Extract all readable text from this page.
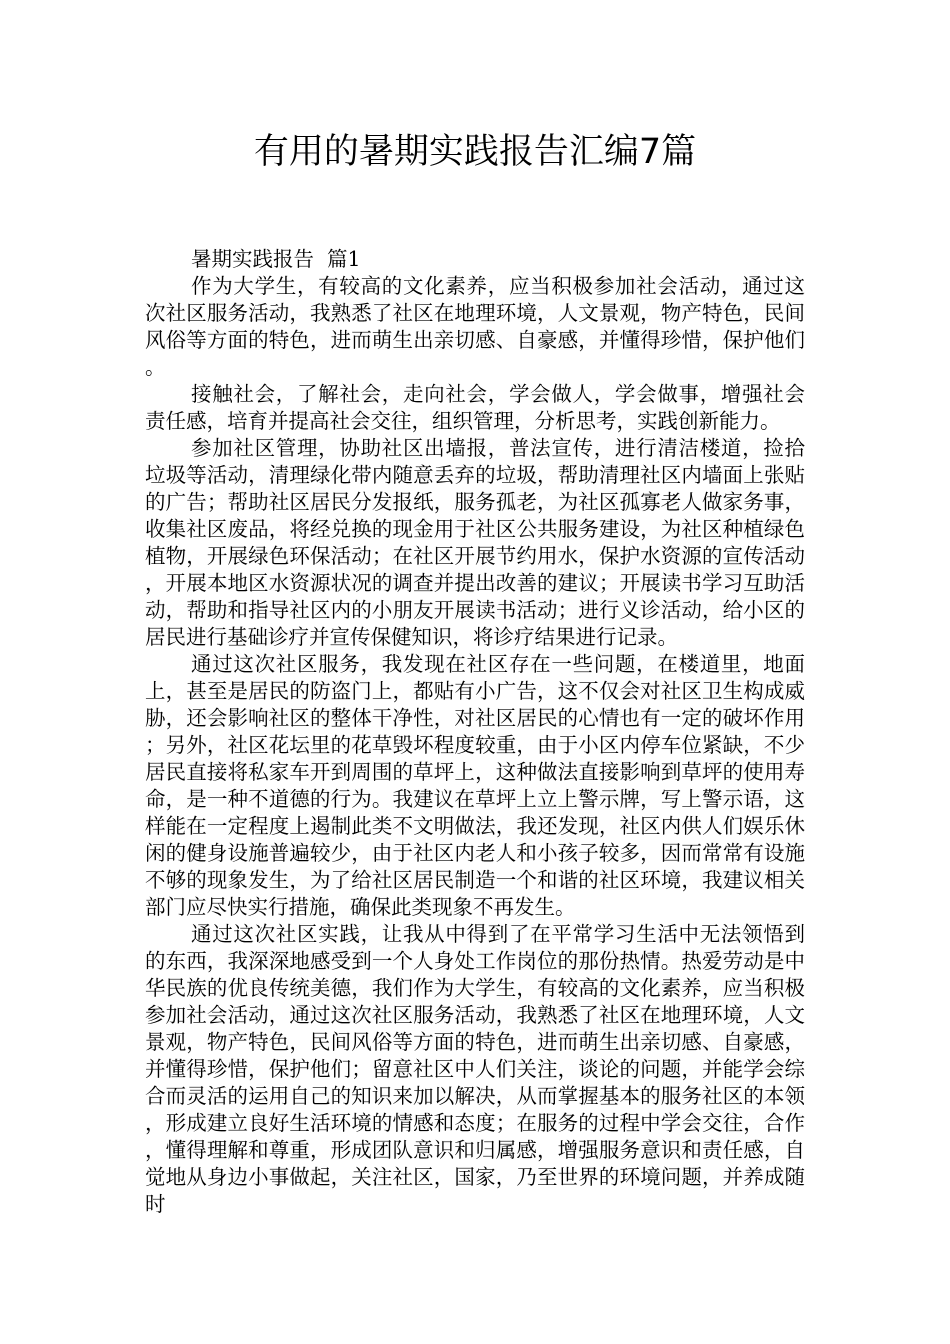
有用的暑期实践报告汇编7篇

暑期实践报告  篇1

作为大学生，有较高的文化素养，应当积极参加社会活动，通过这次社区服务活动，我熟悉了社区在地理环境，人文景观，物产特色，民间风俗等方面的特色，进而萌生出亲切感、自豪感，并懂得珍惜，保护他们。

接触社会，了解社会，走向社会，学会做人，学会做事，增强社会责任感，培育并提高社会交往，组织管理，分析思考，实践创新能力。

参加社区管理，协助社区出墙报，普法宣传，进行清洁楼道，捡拾垃圾等活动，清理绿化带内随意丢弃的垃圾，帮助清理社区内墙面上张贴的广告；帮助社区居民分发报纸，服务孤老，为社区孤寡老人做家务事，收集社区废品，将经兑换的现金用于社区公共服务建设，为社区种植绿色植物，开展绿色环保活动；在社区开展节约用水，保护水资源的宣传活动，开展本地区水资源状况的调查并提出改善的建议；开展读书学习互助活动，帮助和指导社区内的小朋友开展读书活动；进行义诊活动，给小区的居民进行基础诊疗并宣传保健知识，将诊疗结果进行记录。

通过这次社区服务，我发现在社区存在一些问题，在楼道里，地面上，甚至是居民的防盗门上，都贴有小广告，这不仅会对社区卫生构成威胁，还会影响社区的整体干净性，对社区居民的心情也有一定的破坏作用；另外，社区花坛里的花草毁坏程度较重，由于小区内停车位紧缺，不少居民直接将私家车开到周围的草坪上，这种做法直接影响到草坪的使用寿命，是一种不道德的行为。我建议在草坪上立上警示牌，写上警示语，这样能在一定程度上遏制此类不文明做法，我还发现，社区内供人们娱乐休闲的健身设施普遍较少，由于社区内老人和小孩子较多，因而常常有设施不够的现象发生，为了给社区居民制造一个和谐的社区环境，我建议相关部门应尽快实行措施，确保此类现象不再发生。

通过这次社区实践，让我从中得到了在平常学习生活中无法领悟到的东西，我深深地感受到一个人身处工作岗位的那份热情。热爱劳动是中华民族的优良传统美德，我们作为大学生，有较高的文化素养，应当积极参加社会活动，通过这次社区服务活动，我熟悉了社区在地理环境，人文景观，物产特色，民间风俗等方面的特色，进而萌生出亲切感、自豪感，并懂得珍惜，保护他们；留意社区中人们关注，谈论的问题，并能学会综合而灵活的运用自己的知识来加以解决，从而掌握基本的服务社区的本领，形成建立良好生活环境的情感和态度；在服务的过程中学会交往，合作，懂得理解和尊重，形成团队意识和归属感，增强服务意识和责任感，自觉地从身边小事做起，关注社区，国家，乃至世界的环境问题，并养成随时
